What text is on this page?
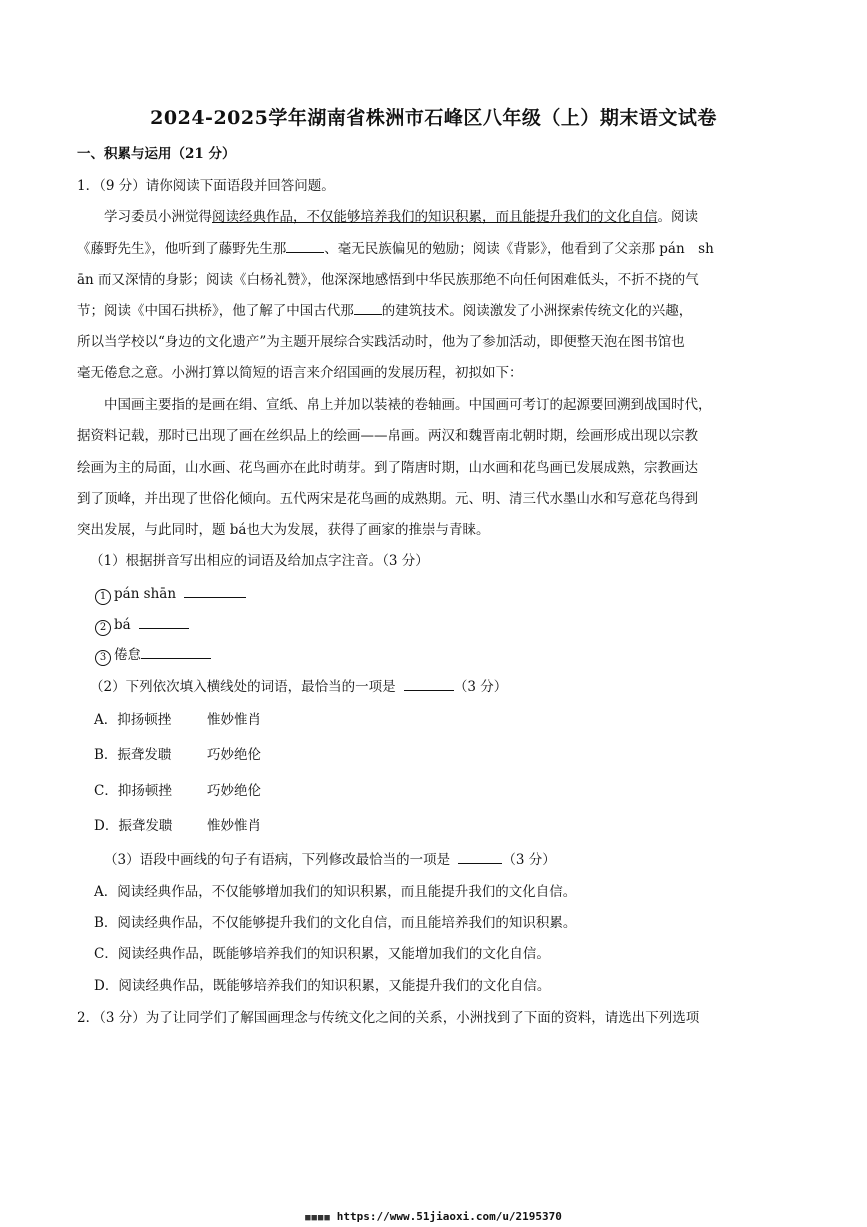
2024-2025学年湖南省株洲市石峰区八年级（上）期末语文试卷
一、积累与运用（21 分）
1．（9 分）请你阅读下面语段并回答问题。
学习委员小洲觉得阅读经典作品，不仅能够培养我们的知识积累，而且能提升我们的文化自信。阅读
《藤野先生》，他听到了藤野先生那	、毫无民族偏见的勉励；阅读《背影》，他看到了父亲那 pán　sh
ān 而又深情的身影；阅读《白杨礼赞》，他深深地感悟到中华民族那绝不向任何困难低头，不折不挠的气
节；阅读《中国石拱桥》，他了解了中国古代那 的建筑技术。阅读激发了小洲探索传统文化的兴趣，
所以当学校以“身边的文化遗产”为主题开展综合实践活动时，他为了参加活动，即便整天泡在图书馆也
毫无倦怠之意。小洲打算以简短的语言来介绍国画的发展历程，初拟如下：
中国画主要指的是画在绢、宣纸、帛上并加以装裱的卷轴画。中国画可考订的起源要回溯到战国时代，
据资料记载，那时已出现了画在丝织品上的绘画——帛画。两汉和魏晋南北朝时期，绘画形成出现以宗教
绘画为主的局面，山水画、花鸟画亦在此时萌芽。到了隋唐时期，山水画和花鸟画已发展成熟，宗教画达
到了顶峰，并出现了世俗化倾向。五代两宋是花鸟画的成熟期。元、明、清三代水墨山水和写意花鸟得到
突出发展，与此同时，题 bá也大为发展，获得了画家的推崇与青睐。
（1）根据拼音写出相应的词语及给加点字注音。（3 分）
1 pán shān
2 bá
3 倦怠
（2）下列依次填入横线处的词语，最恰当的一项是	（3 分）
A．抑扬顿挫	惟妙惟肖
B．振聋发聩	巧妙绝伦
C．抑扬顿挫	巧妙绝伦
D．振聋发聩	惟妙惟肖
（3）语段中画线的句子有语病，下列修改最恰当的一项是	（3 分）
A．阅读经典作品，不仅能够增加我们的知识积累，而且能提升我们的文化自信。
B．阅读经典作品，不仅能够提升我们的文化自信，而且能培养我们的知识积累。
C．阅读经典作品，既能够培养我们的知识积累，又能增加我们的文化自信。
D．阅读经典作品，既能够培养我们的知识积累，又能提升我们的文化自信。
2．（3 分）为了让同学们了解国画理念与传统文化之间的关系，小洲找到了下面的资料，请选出下列选项
■■■■ https://www.51jiaoxi.com/u/2195370
